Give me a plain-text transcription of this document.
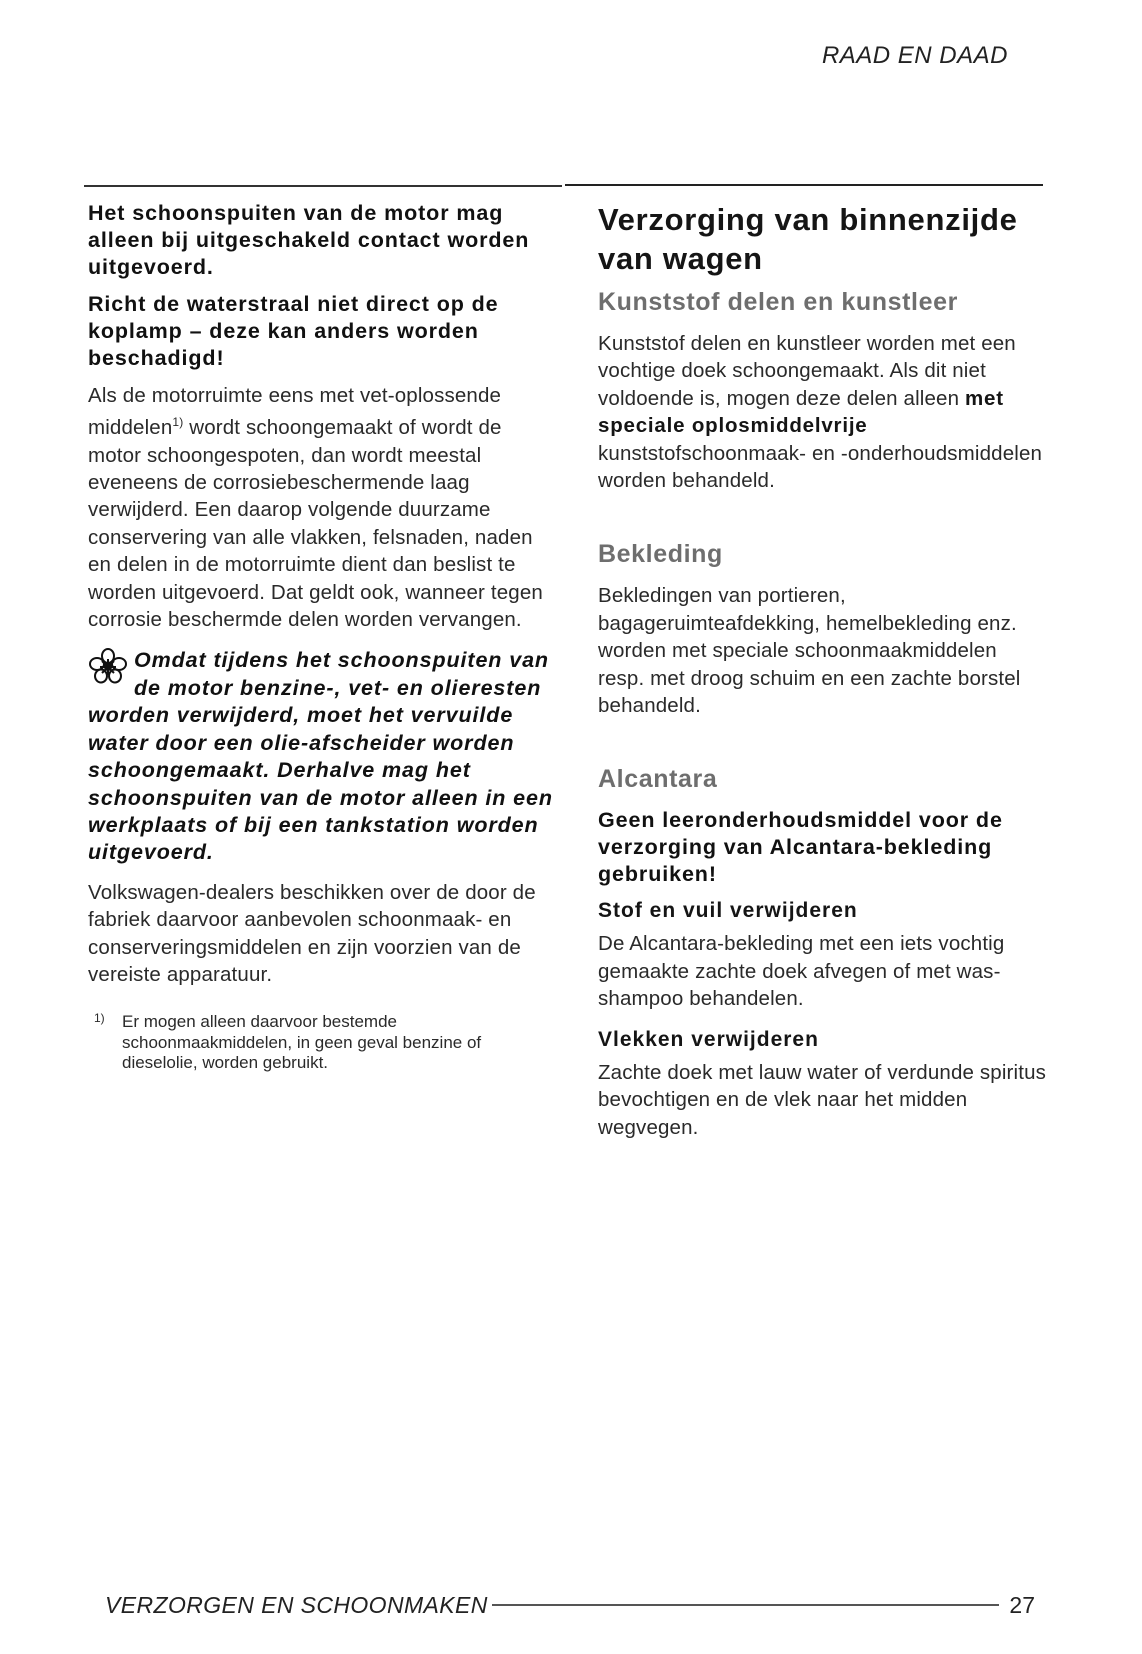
RAAD EN DAAD

Het schoonspuiten van de motor mag alleen bij uitgeschakeld contact worden uitgevoerd.

Richt de waterstraal niet direct op de koplamp – deze kan anders worden beschadigd!

Als de motorruimte eens met vet-oplossende middelen$^{1)}$ wordt schoongemaakt of wordt de motor schoongespoten, dan wordt meestal eveneens de corrosiebeschermende laag verwijderd. Een daarop volgende duurzame conservering van alle vlakken, felsnaden, naden en delen in de motorruimte dient dan beslist te worden uitgevoerd. Dat geldt ook, wanneer tegen corrosie beschermde delen worden vervangen.

Omdat tijdens het schoonspuiten van de motor benzine-, vet- en olieresten worden verwijderd, moet het vervuilde water door een olie-afscheider worden schoongemaakt. Derhalve mag het schoonspuiten van de motor alleen in een werkplaats of bij een tankstation worden uitgevoerd.

Volkswagen-dealers beschikken over de door de fabriek daarvoor aanbevolen schoonmaak- en conserveringsmiddelen en zijn voorzien van de vereiste apparatuur.

1) Er mogen alleen daarvoor bestemde schoonmaakmiddelen, in geen geval benzine of dieselolie, worden gebruikt.

Verzorging van binnenzijde van wagen
Kunststof delen en kunstleer

Kunststof delen en kunstleer worden met een vochtige doek schoongemaakt. Als dit niet voldoende is, mogen deze delen alleen met speciale oplosmiddelvrije kunststofschoonmaak- en -onderhoudsmiddelen worden behandeld.

Bekleding

Bekledingen van portieren, bagageruimteafdekking, hemelbekleding enz. worden met speciale schoonmaakmiddelen resp. met droog schuim en een zachte borstel behandeld.

Alcantara

Geen leeronderhoudsmiddel voor de verzorging van Alcantara-bekleding gebruiken!

Stof en vuil verwijderen

De Alcantara-bekleding met een iets vochtig gemaakte zachte doek afvegen of met was-shampoo behandelen.

Vlekken verwijderen

Zachte doek met lauw water of verdunde spiritus bevochtigen en de vlek naar het midden wegvegen.

VERZORGEN EN SCHOONMAKEN	27
